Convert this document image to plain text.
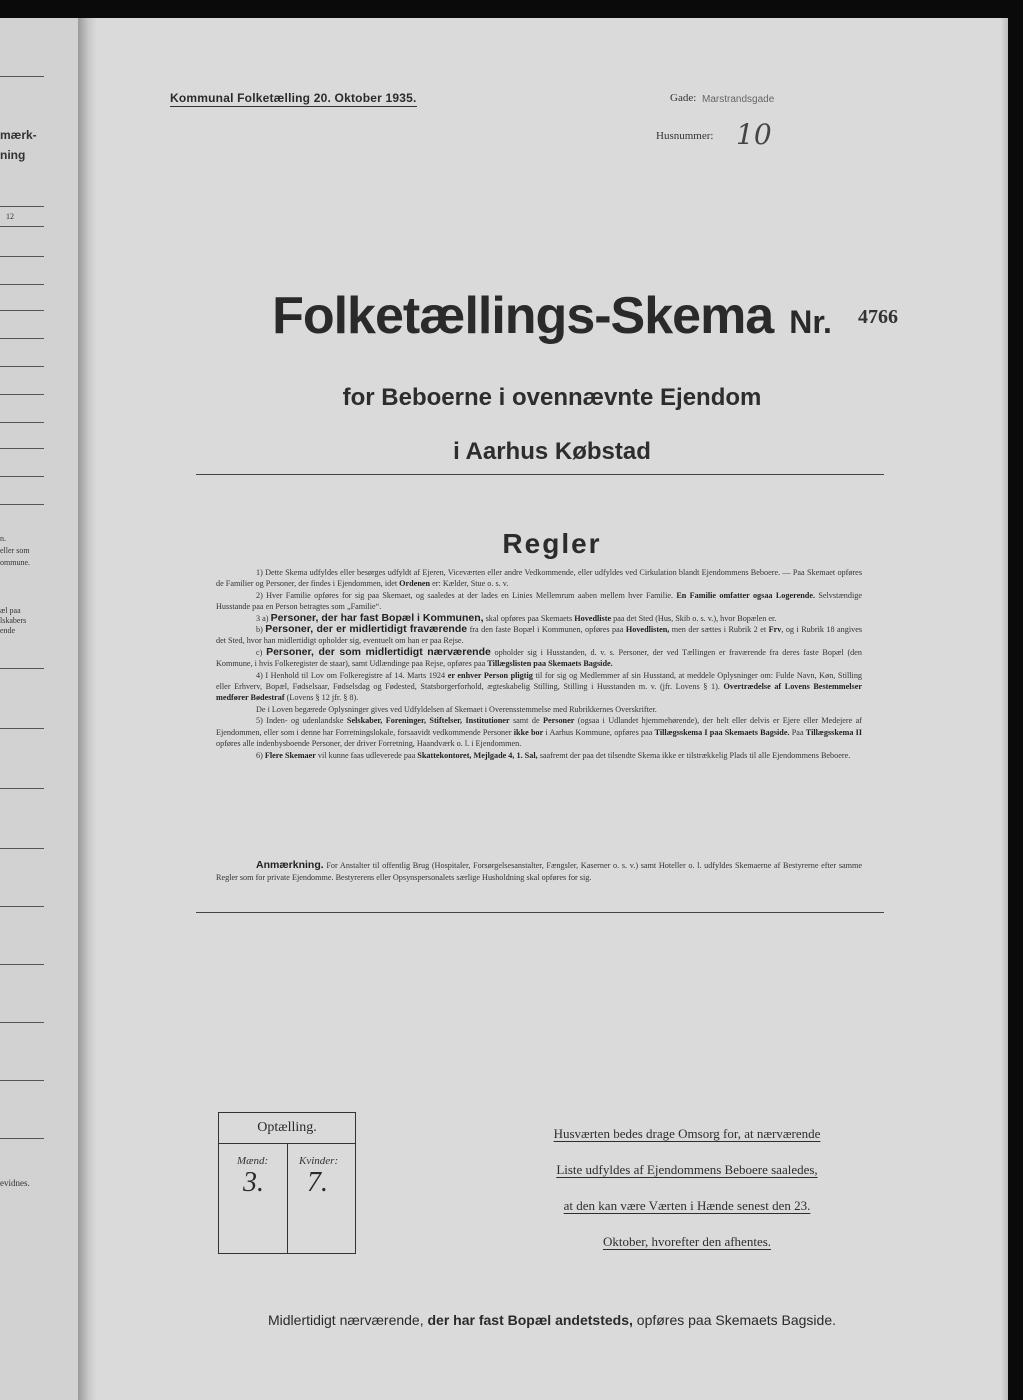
mærk-
ning
12
n.
eller som
ommune.
æl paa
lskabers
ende
evidnes.
Kommunal Folketælling 20. Oktober 1935.	Gade: Marstrandsgade
Husnummer: 10
Folketællings-Skema Nr.	4766
for Beboerne i ovennævnte Ejendom
i Aarhus Købstad
Regler

1) Dette Skema udfyldes eller besørges udfyldt af Ejeren, Viceværten eller andre Vedkommende, eller udfyldes ved Cirkulation blandt Ejendommens Beboere. — Paa Skemaet opføres de Familier og Personer, der findes i Ejendommen, idet Ordenen er: Kælder, Stue o. s. v.

2) Hver Familie opføres for sig paa Skemaet, og saaledes at der lades en Linies Mellemrum aaben mellem hver Familie. En Familie omfatter ogsaa Logerende. Selvstændige Husstande paa en Person betragtes som „Familie“.

3 a) Personer, der har fast Bopæl i Kommunen, skal opføres paa Skemaets Hovedliste paa det Sted (Hus, Skib o. s. v.), hvor Bopælen er.

b) Personer, der er midlertidigt fraværende fra den faste Bopæl i Kommunen, opføres paa Hovedlisten, men der sættes i Rubrik 2 et Frv, og i Rubrik 18 angives det Sted, hvor han midlertidigt opholder sig, eventuelt om han er paa Rejse.

c) Personer, der som midlertidigt nærværende opholder sig i Husstanden, d. v. s. Personer, der ved Tællingen er fraværende fra deres faste Bopæl (den Kommune, i hvis Folkeregister de staar), samt Udlændinge paa Rejse, opføres paa Tillægslisten paa Skemaets Bagside.

4) I Henhold til Lov om Folkeregistre af 14. Marts 1924 er enhver Person pligtig til for sig og Medlemmer af sin Husstand, at meddele Oplysninger om: Fulde Navn, Køn, Stilling eller Erhverv, Bopæl, Fødselsaar, Fødselsdag og Fødested, Statsborgerforhold, ægteskabelig Stilling, Stilling i Husstanden m. v. (jfr. Lovens § 1). Overtrædelse af Lovens Bestemmelser medfører Bødestraf (Lovens § 12 jfr. § 8).

De i Loven begærede Oplysninger gives ved Udfyldelsen af Skemaet i Overensstemmelse med Rubrikkernes Overskrifter.

5) Inden- og udenlandske Selskaber, Foreninger, Stiftelser, Institutioner samt de Personer (ogsaa i Udlandet hjemmehørende), der helt eller delvis er Ejere eller Medejere af Ejendommen, eller som i denne har Forretningslokale, forsaavidt vedkommende Personer ikke bor i Aarhus Kommune, opføres paa Tillægsskema I paa Skemaets Bagside. Paa Tillægsskema II opføres alle indenbysboende Personer, der driver Forretning, Haandværk o. l. i Ejendommen.

6) Flere Skemaer vil kunne faas udleverede paa Skattekontoret, Mejlgade 4, 1. Sal, saafremt der paa det tilsendte Skema ikke er tilstrækkelig Plads til alle Ejendommens Beboere.

Anmærkning. For Anstalter til offentlig Brug (Hospitaler, Forsørgelsesanstalter, Fængsler, Kaserner o. s. v.) samt Hoteller o. l. udfyldes Skemaerne af Bestyrerne efter samme Regler som for private Ejendomme. Bestyrerens eller Opsynspersonalets særlige Husholdning skal opføres for sig.

Optælling.
Mænd:
3.
Kvinder:
7.
Husværten bedes drage Omsorg for, at nærværende
Liste udfyldes af Ejendommens Beboere saaledes,
at den kan være Værten i Hænde senest den 23.
Oktober, hvorefter den afhentes.
Midlertidigt nærværende, der har fast Bopæl andetsteds, opføres paa Skemaets Bagside.
